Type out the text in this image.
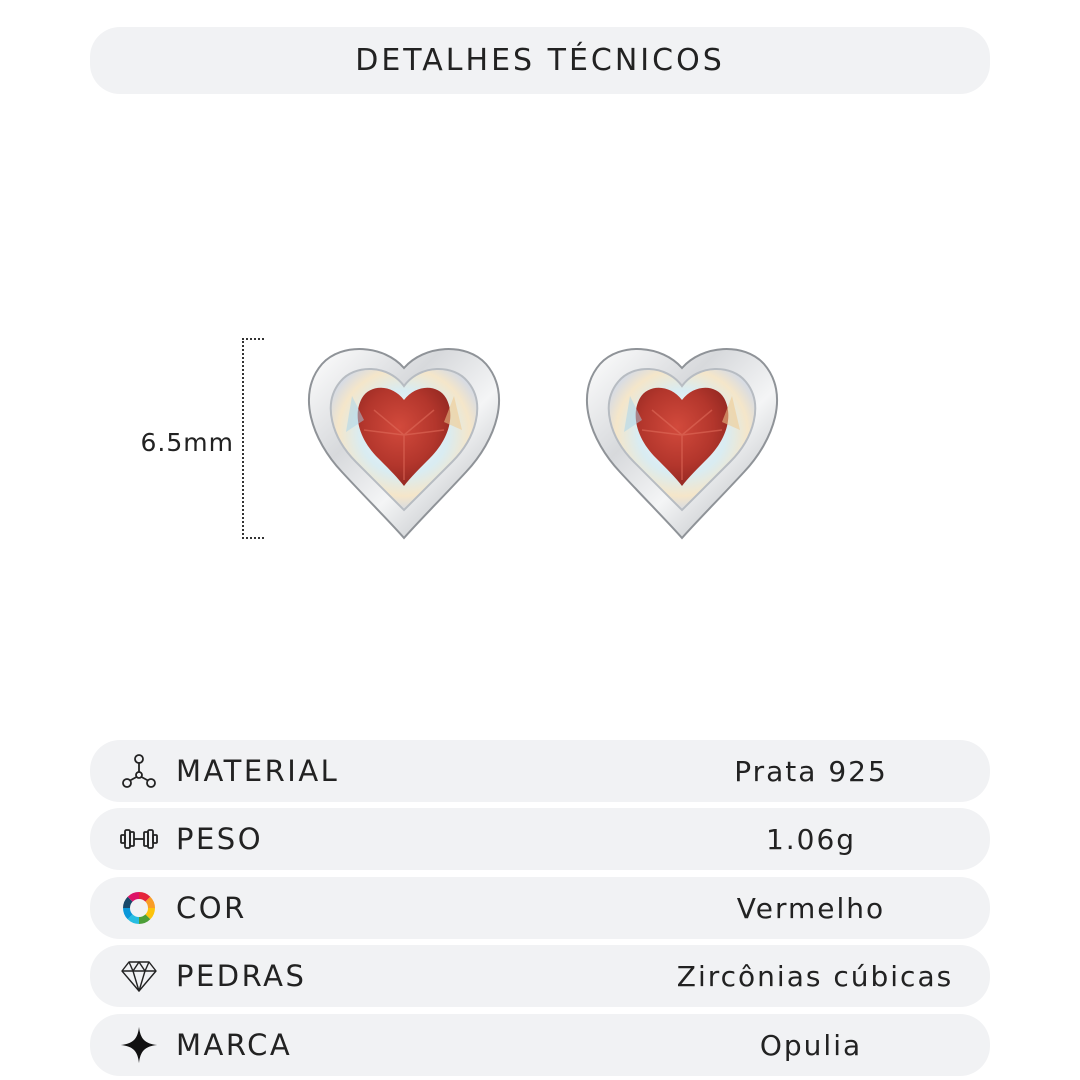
DETALHES TÉCNICOS
6.5mm
MATERIAL	Prata 925
PESO	1.06g
COR	Vermelho
PEDRAS	Zircônias cúbicas
MARCA	Opulia
